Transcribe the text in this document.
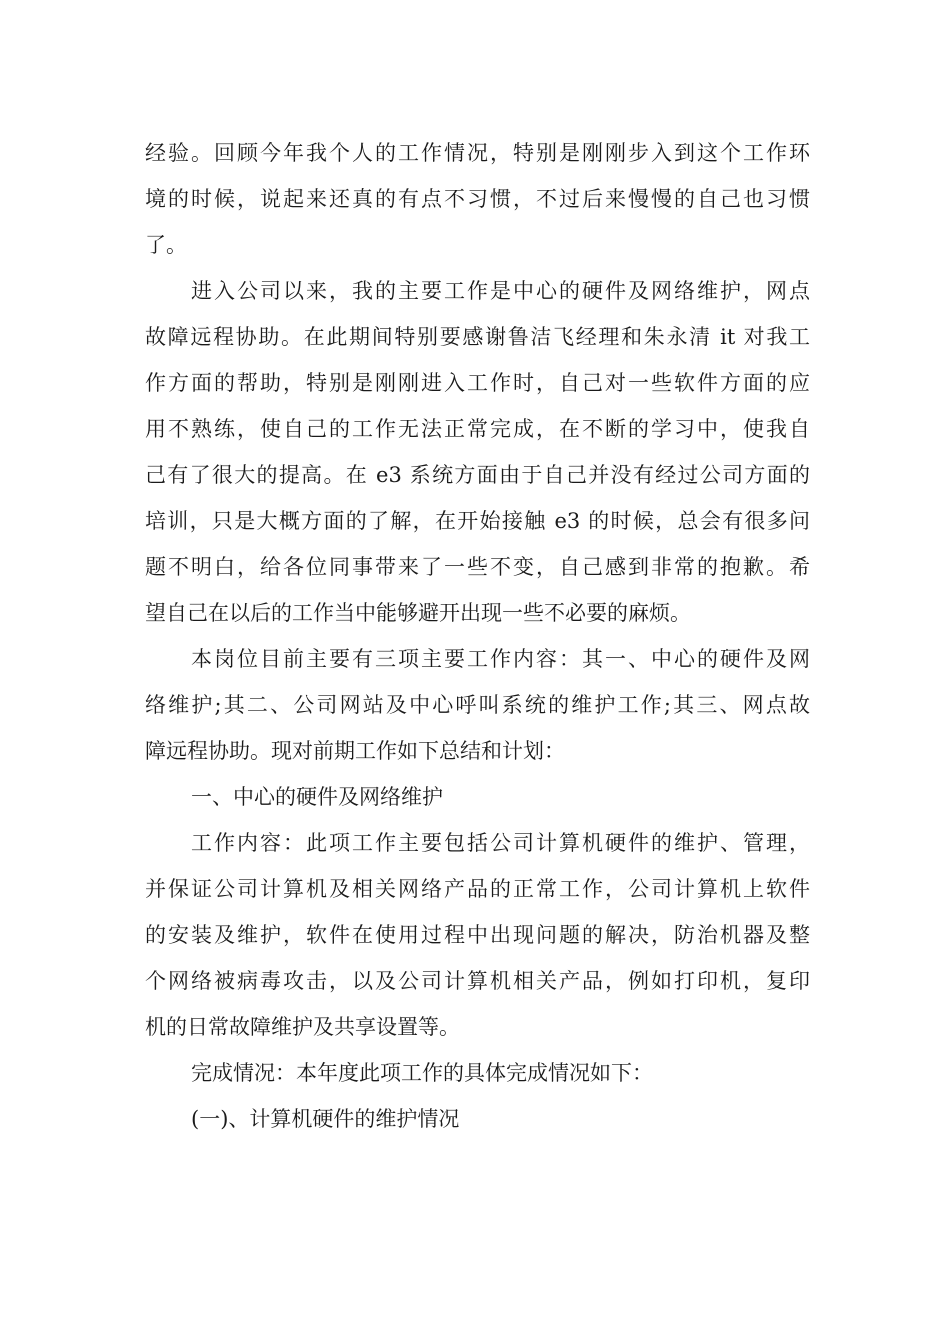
经验。回顾今年我个人的工作情况，特别是刚刚步入到这个工作环
境的时候，说起来还真的有点不习惯，不过后来慢慢的自己也习惯
了。
进入公司以来，我的主要工作是中心的硬件及网络维护，网点
故障远程协助。在此期间特别要感谢鲁洁飞经理和朱永清 it 对我工
作方面的帮助，特别是刚刚进入工作时，自己对一些软件方面的应
用不熟练，使自己的工作无法正常完成，在不断的学习中，使我自
己有了很大的提高。在 e3 系统方面由于自己并没有经过公司方面的
培训，只是大概方面的了解，在开始接触 e3 的时候，总会有很多问
题不明白，给各位同事带来了一些不变，自己感到非常的抱歉。希
望自己在以后的工作当中能够避开出现一些不必要的麻烦。
本岗位目前主要有三项主要工作内容：其一、中心的硬件及网
络维护;其二、公司网站及中心呼叫系统的维护工作;其三、网点故
障远程协助。现对前期工作如下总结和计划：
一、中心的硬件及网络维护
工作内容：此项工作主要包括公司计算机硬件的维护、管理，
并保证公司计算机及相关网络产品的正常工作，公司计算机上软件
的安装及维护，软件在使用过程中出现问题的解决，防治机器及整
个网络被病毒攻击，以及公司计算机相关产品，例如打印机，复印
机的日常故障维护及共享设置等。
完成情况：本年度此项工作的具体完成情况如下：
(一)、计算机硬件的维护情况
